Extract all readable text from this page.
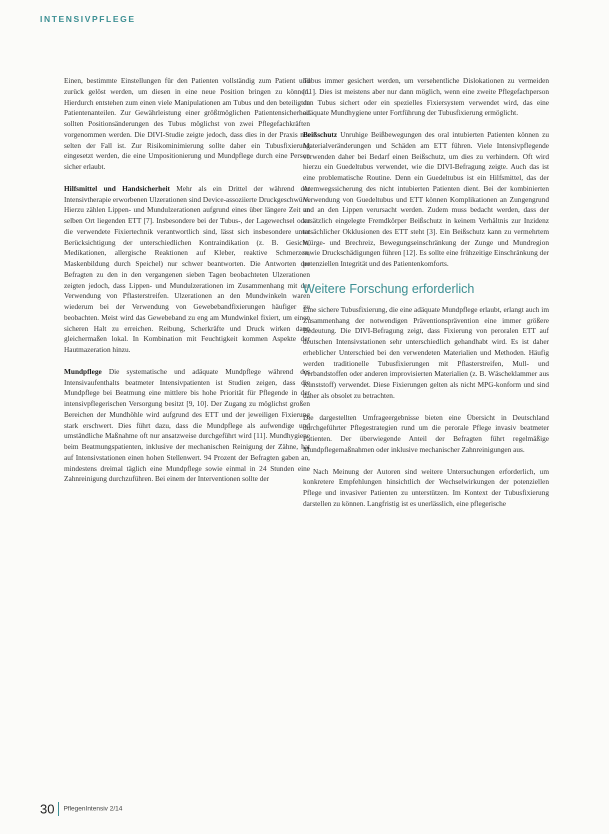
INTENSIVPFLEGE

Einen, bestimmte Einstellungen für den Patienten vollständig zum Patient und zurück gelöst werden, um diesen in eine neue Position bringen zu können. Hierdurch entstehen zum einen viele Manipulationen am Tubus und den beteiligten Patientenanteilen. Zur Gewährleistung einer größtmöglichen Patientensicherheit sollten Positionsänderungen des Tubus möglichst von zwei Pflegefachkräften vorgenommen werden. Die DIVI-Studie zeigte jedoch, dass dies in der Praxis nur selten der Fall ist. Zur Risikominimierung sollte daher ein Tubusfixierung eingesetzt werden, die eine Umpositionierung und Mundpflege durch eine Person sicher erlaubt.

Hilfsmittel und Handsicherheit Mehr als ein Drittel der während der Intensivtherapie erworbenen Ulzerationen sind Device-assoziierte Druckgeschwüre. Hierzu zählen Lippen- und Mundulzerationen aufgrund eines über längere Zeit an selben Ort liegenden ETT [7]. Insbesondere bei der Tubus-, der Lagewechsel oder die verwendete Fixiertechnik verantwortlich sind, lässt sich insbesondere unter Berücksichtigung der unterschiedlichen Kontraindikation (z. B. Gesicht, Medikationen, allergische Reaktionen auf Kleber, reaktive Schmerzen, Maskenbildung durch Speichel) nur schwer beantworten. Die Antworten der Befragten zu den in den vergangenen sieben Tagen beobachteten Ulzerationen zeigten jedoch, dass Lippen- und Mundulzerationen im Zusammenhang mit der Verwendung von Pflasterstreifen. Ulzerationen an den Mundwinkeln waren wiederum bei der Verwendung von Gewebebandfixierungen häufiger zu beobachten. Meist wird das Gewebeband zu eng am Mundwinkel fixiert, um einen sicheren Halt zu erreichen. Reibung, Scherkräfte und Druck wirken dann gleichermaßen lokal. In Kombination mit Feuchtigkeit kommen Aspekte der Hautmazeration hinzu.

Mundpflege Die systematische und adäquate Mundpflege während des Intensivaufenthalts beatmeter Intensivpatienten ist Studien zeigen, dass die Mundpflege bei Beatmung eine mittlere bis hohe Priorität für Pflegende in der intensivpflegerischen Versorgung besitzt [9, 10]. Der Zugang zu möglichst großen Bereichen der Mundhöhle wird aufgrund des ETT und der jeweiligen Fixierung stark erschwert. Dies führt dazu, dass die Mundpflege als aufwendige und umständliche Maßnahme oft nur ansatzweise durchgeführt wird [11]. Mundhygiene beim Beatmungspatienten, inklusive der mechanischen Reinigung der Zähne, hat auf Intensivstationen einen hohen Stellenwert. 94 Prozent der Befragten gaben an, mindestens dreimal täglich eine Mundpflege sowie einmal in 24 Stunden eine Zahnreinigung durchzuführen. Bei einem der Interventionen sollte der

Tubus immer gesichert werden, um versehentliche Dislokationen zu vermeiden [11]. Dies ist meistens aber nur dann möglich, wenn eine zweite Pflegefachperson den Tubus sichert oder ein spezielles Fixiersystem verwendet wird, das eine adäquate Mundhygiene unter Fortführung der Tubusfixierung ermöglicht.

Beißschutz Unruhige Beißbewegungen des oral intubierten Patienten können zu Materialveränderungen und Schäden am ETT führen. Viele Intensivpflegende verwenden daher bei Bedarf einen Beißschutz, um dies zu verhindern. Oft wird hierzu ein Guedeltubus verwendet, wie die DIVI-Befragung zeigte. Auch das ist eine problematische Routine. Denn ein Guedeltubus ist ein Hilfsmittel, das der Atemwegssicherung des nicht intubierten Patienten dient. Bei der kombinierten Verwendung von Guedeltubus und ETT können Komplikationen an Zungengrund und an den Lippen verursacht werden. Zudem muss bedacht werden, dass der zusätzlich eingelegte Fremdkörper Beißschutz in keinem Verhältnis zur Inzidenz tatsächlicher Okklusionen des ETT steht [3]. Ein Beißschutz kann zu vermehrtem Würge- und Brechreiz, Bewegungseinschränkung der Zunge und Mundregion sowie Druckschädigungen führen [12]. Es sollte eine frühzeitige Einschränkung der potenziellen Integrität und des Patientenkomforts.

Weitere Forschung erforderlich

Eine sichere Tubusfixierung, die eine adäquate Mundpflege erlaubt, erlangt auch im Zusammenhang der notwendigen Präventionsprävention eine immer größere Bedeutung. Die DIVI-Befragung zeigt, dass Fixierung von peroralen ETT auf deutschen Intensivstationen sehr unterschiedlich gehandhabt wird. Es ist daher erheblicher Unterschied bei den verwendeten Materialien und Methoden. Häufig werden traditionelle Tubusfixierungen mit Pflasterstreifen, Mull- und Verbandstoffen oder anderen improvisierten Materialien (z. B. Wäscheklammer aus Kunststoff) verwendet. Diese Fixierungen gelten als nicht MPG-konform und sind daher als obsolet zu betrachten.

Die dargestellten Umfrageergebnisse bieten eine Übersicht in Deutschland durchgeführter Pflegestrategien rund um die perorale Pflege invasiv beatmeter Patienten. Der überwiegende Anteil der Befragten führt regelmäßige Mundpflegemaßnahmen oder inklusive mechanischer Zahnreinigungen aus.

Nach Meinung der Autoren sind weitere Untersuchungen erforderlich, um konkretere Empfehlungen hinsichtlich der Wechselwirkungen der potenziellen Pflege und invasiver Patienten zu unterstützen. Im Kontext der Tubusfixierung darstellen zu können. Langfristig ist es unerlässlich, eine pflegerische

30 PflegenIntensiv 2/14
